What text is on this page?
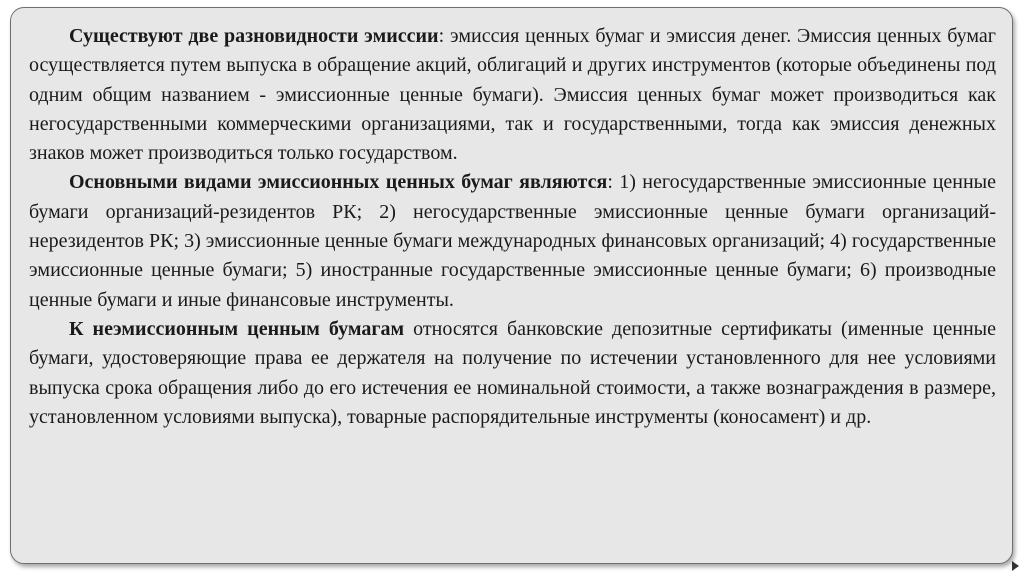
Существуют две разновидности эмиссии: эмиссия ценных бумаг и эмиссия денег. Эмиссия ценных бумаг осуществляется путем выпуска в обращение акций, облигаций и других инструментов (которые объединены под одним общим названием - эмиссионные ценные бумаги). Эмиссия ценных бумаг может производиться как негосударственными коммерческими организациями, так и государственными, тогда как эмиссия денежных знаков может производиться только государством.

Основными видами эмиссионных ценных бумаг являются: 1) негосударственные эмиссионные ценные бумаги организаций-резидентов РК; 2) негосударственные эмиссионные ценные бумаги организаций-нерезидентов РК; 3) эмиссионные ценные бумаги международных финансовых организаций; 4) государственные эмиссионные ценные бумаги; 5) иностранные государственные эмиссионные ценные бумаги; 6) производные ценные бумаги и иные финансовые инструменты.

К неэмиссионным ценным бумагам относятся банковские депозитные сертификаты (именные ценные бумаги, удостоверяющие права ее держателя на получение по истечении установленного для нее условиями выпуска срока обращения либо до его истечения ее номинальной стоимости, а также вознаграждения в размере, установленном условиями выпуска), товарные распорядительные инструменты (коносамент) и др.
